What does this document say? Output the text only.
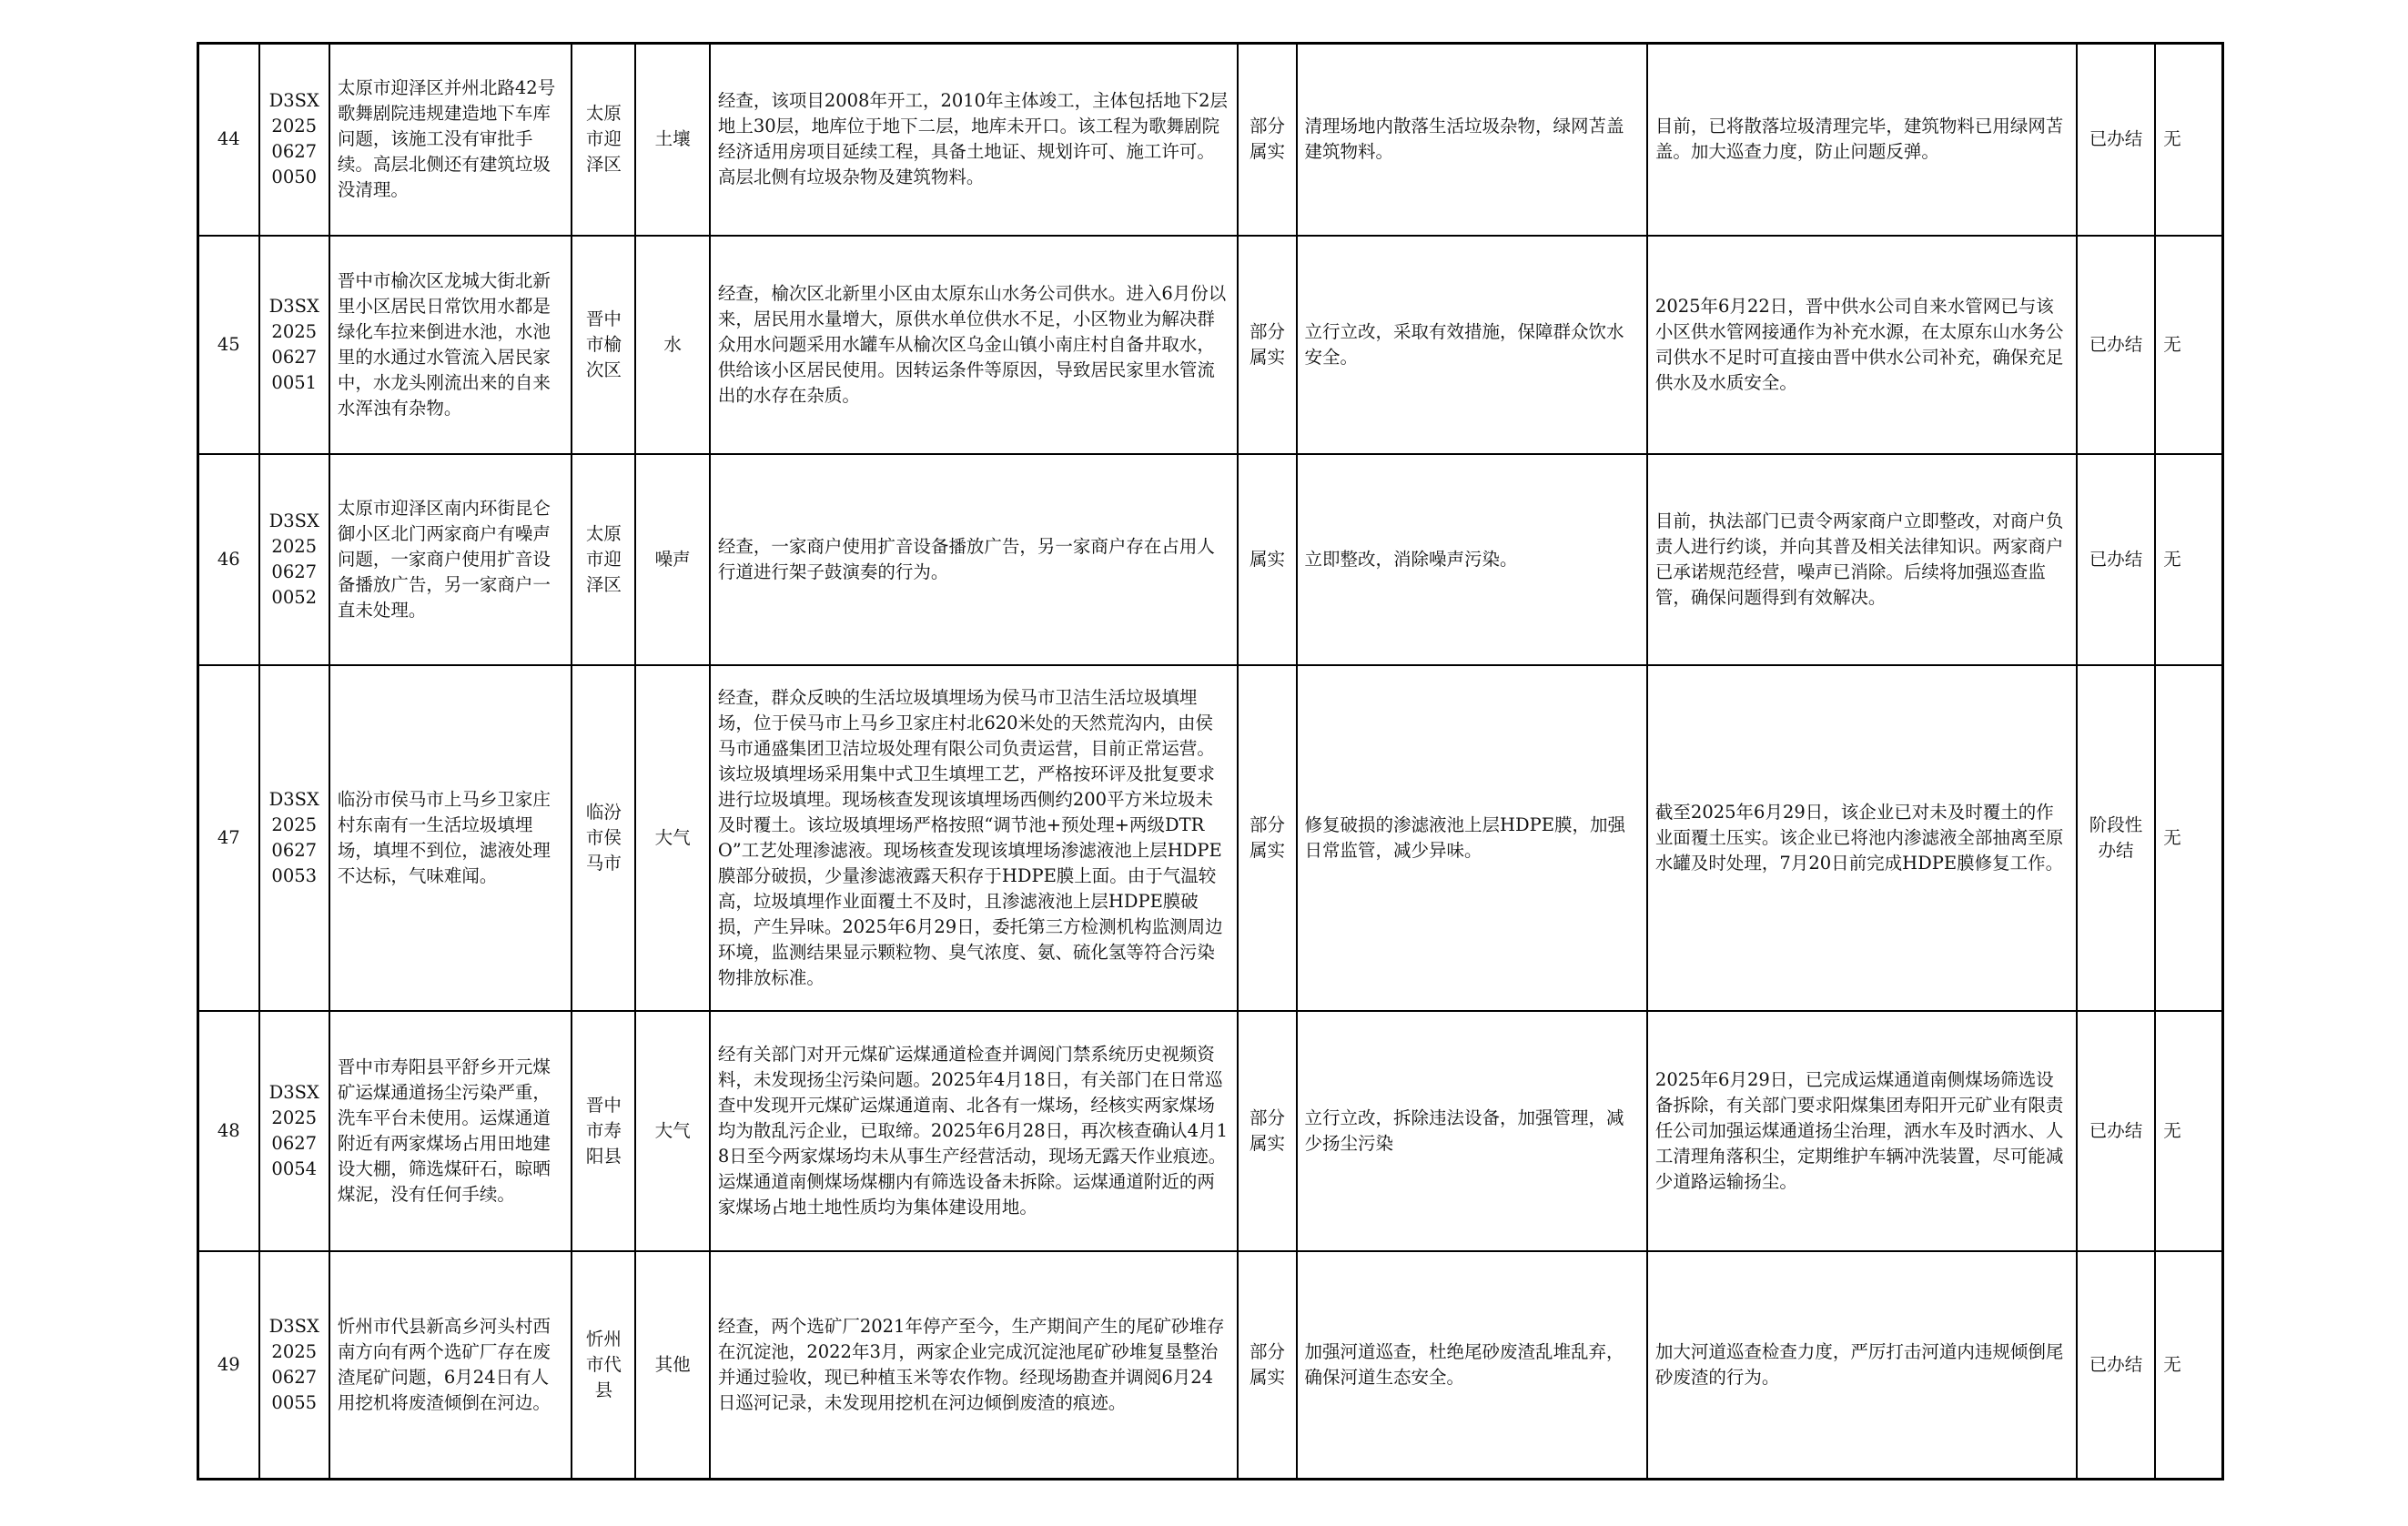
44	D3SX202506270050	太原市迎泽区并州北路42号歌舞剧院违规建造地下车库问题，该施工没有审批手续。高层北侧还有建筑垃圾没清理。	太原市迎泽区	土壤	经查，该项目2008年开工，2010年主体竣工，主体包括地下2层地上30层，地库位于地下二层，地库未开口。该工程为歌舞剧院经济适用房项目延续工程，具备土地证、规划许可、施工许可。高层北侧有垃圾杂物及建筑物料。	部分属实	清理场地内散落生活垃圾杂物，绿网苫盖建筑物料。	目前，已将散落垃圾清理完毕，建筑物料已用绿网苫盖。加大巡查力度，防止问题反弹。	已办结	无
45	D3SX202506270051	晋中市榆次区龙城大街北新里小区居民日常饮用水都是绿化车拉来倒进水池，水池里的水通过水管流入居民家中，水龙头刚流出来的自来水浑浊有杂物。	晋中市榆次区	水	经查，榆次区北新里小区由太原东山水务公司供水。进入6月份以来，居民用水量增大，原供水单位供水不足，小区物业为解决群众用水问题采用水罐车从榆次区乌金山镇小南庄村自备井取水，供给该小区居民使用。因转运条件等原因，导致居民家里水管流出的水存在杂质。	部分属实	立行立改，采取有效措施，保障群众饮水安全。	2025年6月22日，晋中供水公司自来水管网已与该小区供水管网接通作为补充水源，在太原东山水务公司供水不足时可直接由晋中供水公司补充，确保充足供水及水质安全。	已办结	无
46	D3SX202506270052	太原市迎泽区南内环街昆仑御小区北门两家商户有噪声问题，一家商户使用扩音设备播放广告，另一家商户一直未处理。	太原市迎泽区	噪声	经查，一家商户使用扩音设备播放广告，另一家商户存在占用人行道进行架子鼓演奏的行为。	属实	立即整改，消除噪声污染。	目前，执法部门已责令两家商户立即整改，对商户负责人进行约谈，并向其普及相关法律知识。两家商户已承诺规范经营，噪声已消除。后续将加强巡查监管，确保问题得到有效解决。	已办结	无
47	D3SX202506270053	临汾市侯马市上马乡卫家庄村东南有一生活垃圾填埋场，填埋不到位，滤液处理不达标，气味难闻。	临汾市侯马市	大气	经查，群众反映的生活垃圾填埋场为侯马市卫洁生活垃圾填埋场，位于侯马市上马乡卫家庄村北620米处的天然荒沟内，由侯马市通盛集团卫洁垃圾处理有限公司负责运营，目前正常运营。该垃圾填埋场采用集中式卫生填埋工艺，严格按环评及批复要求进行垃圾填埋。现场核查发现该填埋场西侧约200平方米垃圾未及时覆土。该垃圾填埋场严格按照“调节池+预处理+两级DTRO”工艺处理渗滤液。现场核查发现该填埋场渗滤液池上层HDPE膜部分破损，少量渗滤液露天积存于HDPE膜上面。由于气温较高，垃圾填埋作业面覆土不及时，且渗滤液池上层HDPE膜破损，产生异味。2025年6月29日，委托第三方检测机构监测周边环境，监测结果显示颗粒物、臭气浓度、氨、硫化氢等符合污染物排放标准。	部分属实	修复破损的渗滤液池上层HDPE膜，加强日常监管，减少异味。	截至2025年6月29日，该企业已对未及时覆土的作业面覆土压实。该企业已将池内渗滤液全部抽离至原水罐及时处理，7月20日前完成HDPE膜修复工作。	阶段性办结	无
48	D3SX202506270054	晋中市寿阳县平舒乡开元煤矿运煤通道扬尘污染严重，洗车平台未使用。运煤通道附近有两家煤场占用田地建设大棚，筛选煤矸石，晾晒煤泥，没有任何手续。	晋中市寿阳县	大气	经有关部门对开元煤矿运煤通道检查并调阅门禁系统历史视频资料，未发现扬尘污染问题。2025年4月18日，有关部门在日常巡查中发现开元煤矿运煤通道南、北各有一煤场，经核实两家煤场均为散乱污企业，已取缔。2025年6月28日，再次核查确认4月18日至今两家煤场均未从事生产经营活动，现场无露天作业痕迹。运煤通道南侧煤场煤棚内有筛选设备未拆除。运煤通道附近的两家煤场占地土地性质均为集体建设用地。	部分属实	立行立改，拆除违法设备，加强管理，减少扬尘污染	2025年6月29日，已完成运煤通道南侧煤场筛选设备拆除，有关部门要求阳煤集团寿阳开元矿业有限责任公司加强运煤通道扬尘治理，洒水车及时洒水、人工清理角落积尘，定期维护车辆冲洗装置，尽可能减少道路运输扬尘。	已办结	无
49	D3SX202506270055	忻州市代县新高乡河头村西南方向有两个选矿厂存在废渣尾矿问题，6月24日有人用挖机将废渣倾倒在河边。	忻州市代县	其他	经查，两个选矿厂2021年停产至今，生产期间产生的尾矿砂堆存在沉淀池，2022年3月，两家企业完成沉淀池尾矿砂堆复垦整治并通过验收，现已种植玉米等农作物。经现场勘查并调阅6月24日巡河记录，未发现用挖机在河边倾倒废渣的痕迹。	部分属实	加强河道巡查，杜绝尾砂废渣乱堆乱弃，确保河道生态安全。	加大河道巡查检查力度，严厉打击河道内违规倾倒尾砂废渣的行为。	已办结	无
